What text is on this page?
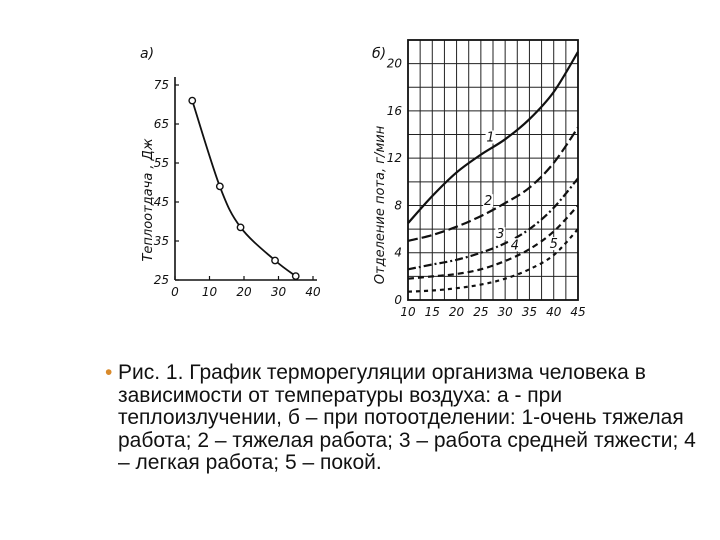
а)
Теплоотдача , Дж
25
35
45
55
65
75
0 10 20 30 40
б)
Отделение пота, г/мин
0
4
8
12
16
20
10 15 20 25 30 35 40 45
1
2
3
4 5
• Рис. 1. График терморегуляции организма человека в зависимости от температуры воздуха: а - при теплоизлучении, б – при потоотделении: 1-очень тяжелая работа; 2 – тяжелая работа; 3 – работа средней тяжести; 4 – легкая работа; 5 – покой.
